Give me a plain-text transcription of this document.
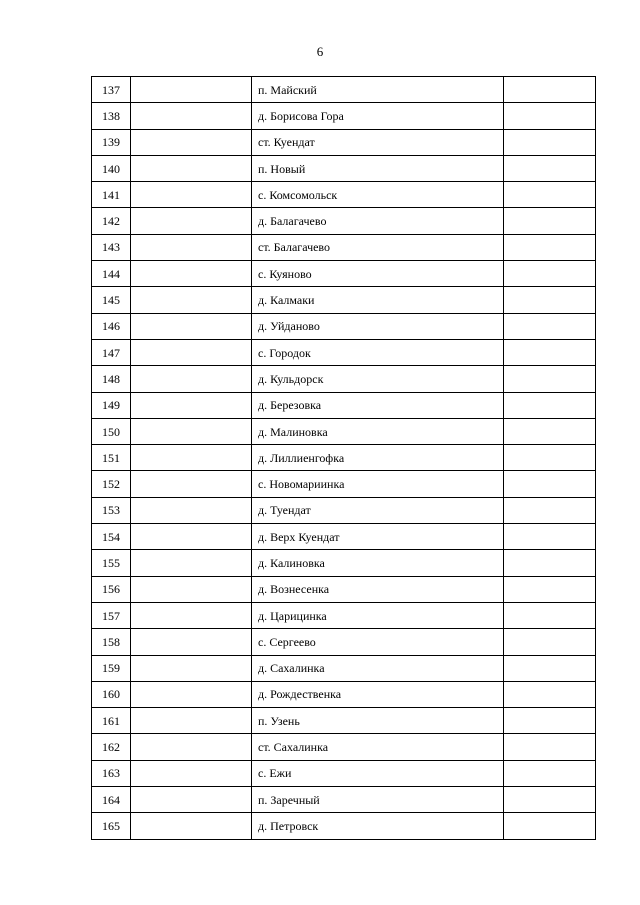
6
137		п. Майский	
138		д. Борисова Гора	
139		ст. Куендат	
140		п. Новый	
141		с. Комсомольск	
142		д. Балагачево	
143		ст. Балагачево	
144		с. Куяново	
145		д. Калмаки	
146		д. Уйданово	
147		с. Городок	
148		д. Кульдорск	
149		д. Березовка	
150		д. Малиновка	
151		д. Лиллиенгофка	
152		с. Новомариинка	
153		д. Туендат	
154		д. Верх Куендат	
155		д. Калиновка	
156		д. Вознесенка	
157		д. Царицинка	
158		с. Сергеево	
159		д. Сахалинка	
160		д. Рождественка	
161		п. Узень	
162		ст. Сахалинка	
163		с. Ежи	
164		п. Заречный	
165		д. Петровск	
